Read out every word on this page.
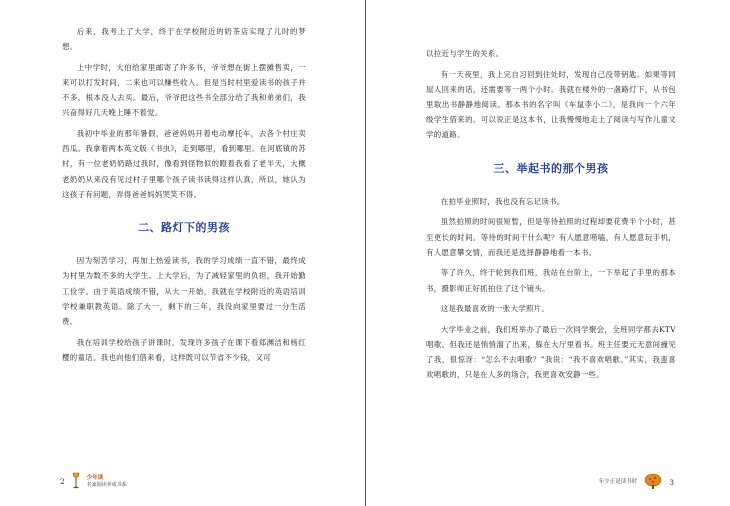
后来，我考上了大学，终于在学校附近的奶茶店实现了儿时的梦想。

上中学时，大伯给家里邮寄了许多书，爷爷想在街上摆摊售卖，一来可以打发时间，二来也可以赚些收入。但是当时村里爱读书的孩子并不多，根本没人去买。最后，爷爷把这些书全部分给了我和弟弟们，我兴奋得好几天晚上睡不着觉。

我初中毕业的那年暑假，爸爸妈妈开着电动摩托车，去各个村庄卖西瓜。我拿着两本英文版《书虫》，走到哪里，看到哪里。在河底镇的苏村，有一位老奶奶路过我时，像看到怪物似的瞪着我看了老半天，大概老奶奶从来没有见过村子里哪个孩子读书读得这样认真，所以，她认为这孩子有问题，弄得爸爸妈妈哭笑不得。

二、路灯下的男孩

因为刻苦学习，再加上热爱读书，我的学习成绩一直不错，最终成为村里为数不多的大学生。上大学后，为了减轻家里的负担，我开始勤工俭学。由于英语成绩不错，从大一开始，我就在学校附近的英语培训学校兼职教英语。除了大一，剩下的三年，我没向家里要过一分生活费。

我在培训学校给孩子讲课时，发现许多孩子在课下看郑渊洁和杨红樱的童话。我也向他们借来看，这样既可以节省不少钱，又可

2	少年读
名家阅读养成书系

以拉近与学生的关系。

有一天夜里，我上完自习回到住处时，发现自己没带钥匙。如果等同屋人回来的话，还需要等一两个小时。我就在楼外的一盏路灯下，从书包里取出书静静地阅读。那本书的名字叫《车鼠李小二》，是我向一个六年级学生借来的。可以说正是这本书，让我慢慢地走上了阅读与写作儿童文学的道路。

三、举起书的那个男孩

在拍毕业照时，我也没有忘记读书。

虽然拍照的时间很短暂，但是等待拍照的过程却要花费半个小时，甚至更长的时间。等待的时间干什么呢？有人愿意唠嗑，有人愿意玩手机，有人愿意攀交情，而我还是选择静静地看一本书。

等了许久，终于轮到我们班，我站在台阶上，一下举起了手里的那本书，摄影师正好抓拍住了这个镜头。

这是我最喜欢的一张大学照片。

大学毕业之前，我们班举办了最后一次同学聚会，全班同学都去KTV唱歌。但我还是悄悄溜了出来，躲在大厅里看书。班主任要元无意间撞见了我，很惊讶：“怎么不去唱歌？”我说：“我不喜欢唱歌。”其实，我蛮喜欢唱歌的，只是在人多的场合，我更喜欢安静一些。

年少正是读书时	3
